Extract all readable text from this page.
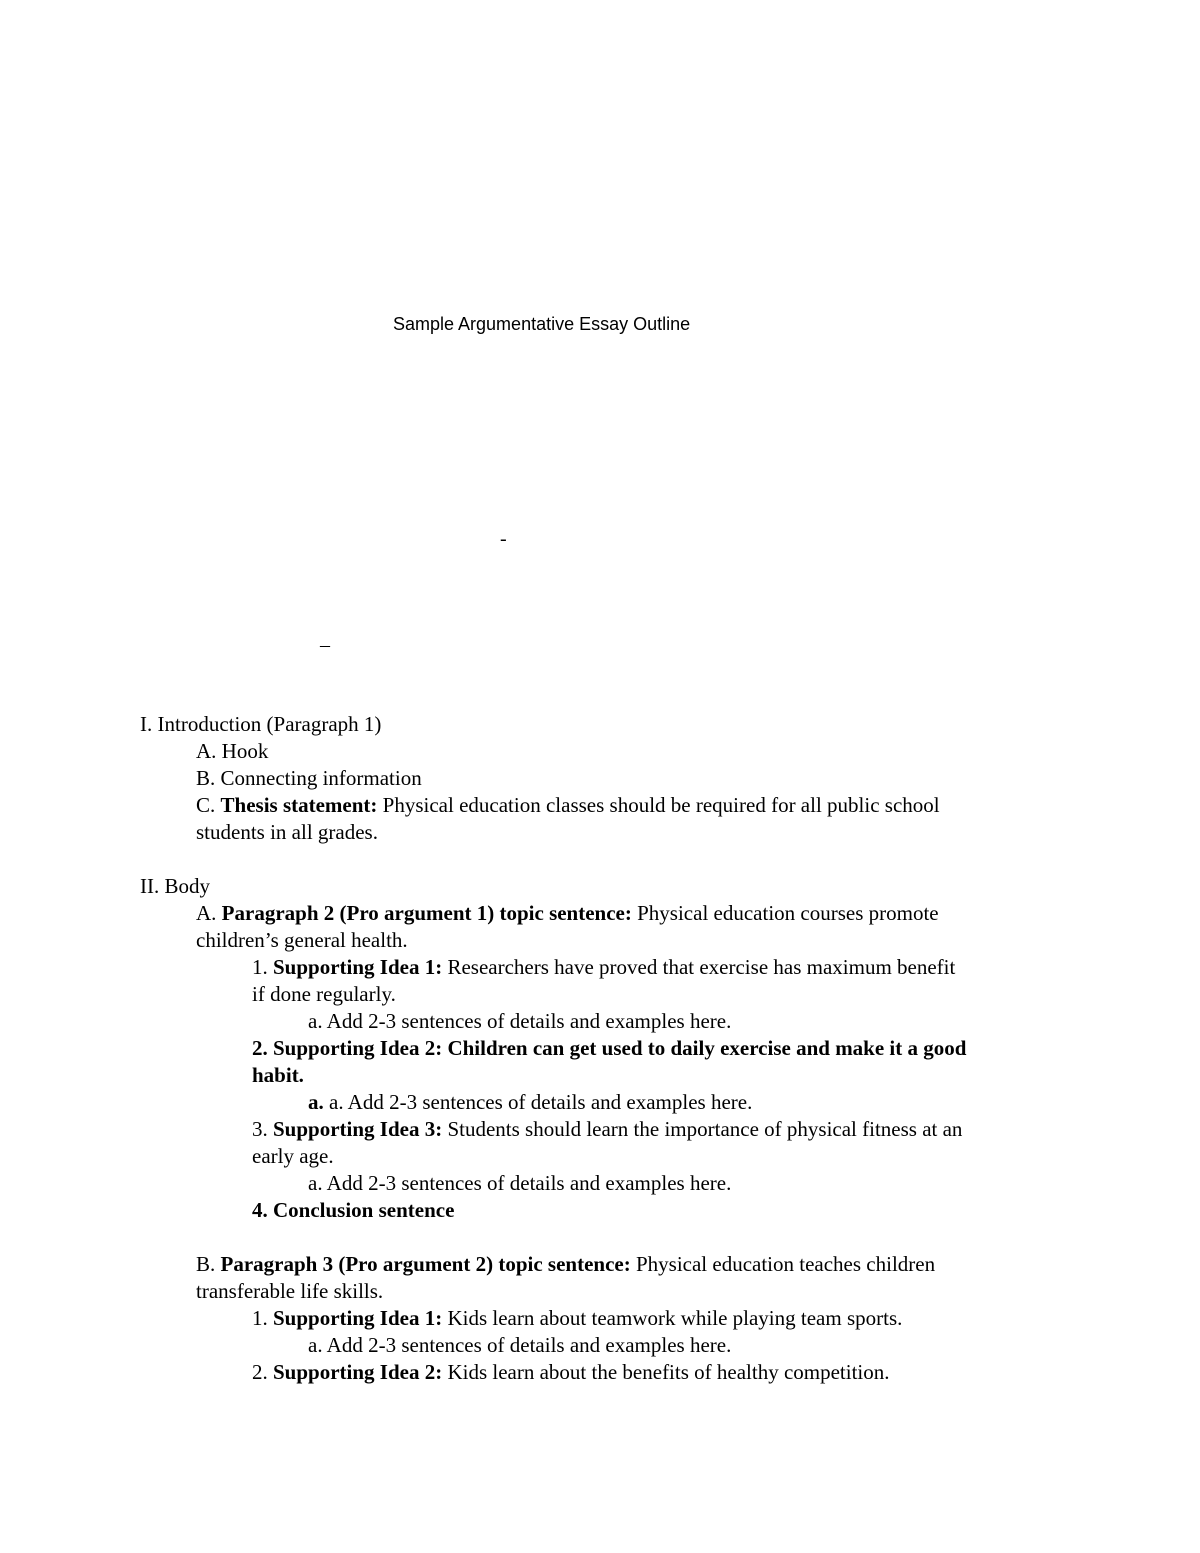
Sample Argumentative Essay Outline
-
–

I. Introduction (Paragraph 1)

A. Hook

B. Connecting information

C. Thesis statement: Physical education classes should be required for all public school

students in all grades.

II. Body

A. Paragraph 2 (Pro argument 1) topic sentence: Physical education courses promote

children’s general health.

1. Supporting Idea 1: Researchers have proved that exercise has maximum benefit

if done regularly.

a. Add 2-3 sentences of details and examples here.

2. Supporting Idea 2: Children can get used to daily exercise and make it a good

habit.

a. a. Add 2-3 sentences of details and examples here.

3. Supporting Idea 3: Students should learn the importance of physical fitness at an

early age.

a. Add 2-3 sentences of details and examples here.

4. Conclusion sentence

B. Paragraph 3 (Pro argument 2) topic sentence: Physical education teaches children

transferable life skills.

1. Supporting Idea 1: Kids learn about teamwork while playing team sports.

a. Add 2-3 sentences of details and examples here.

2. Supporting Idea 2: Kids learn about the benefits of healthy competition.
